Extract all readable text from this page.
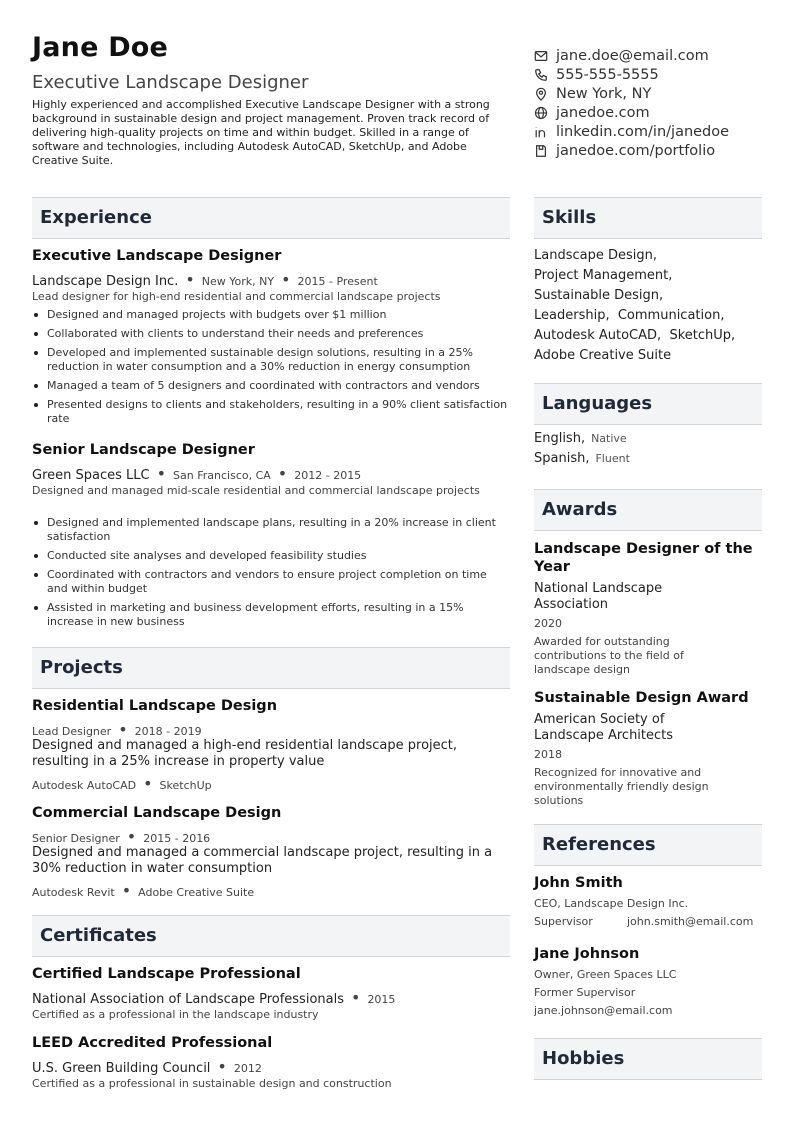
Jane Doe
Executive Landscape Designer
Highly experienced and accomplished Executive Landscape Designer with a strong background in sustainable design and project management. Proven track record of delivering high-quality projects on time and within budget. Skilled in a range of software and technologies, including Autodesk AutoCAD, SketchUp, and Adobe Creative Suite.
jane.doe@email.com
555-555-5555
New York, NY
janedoe.com
linkedin.com/in/janedoe
janedoe.com/portfolio
Experience
Executive Landscape Designer
Landscape Design Inc. • New York, NY • 2015 - Present
Lead designer for high-end residential and commercial landscape projects
Designed and managed projects with budgets over $1 million
Collaborated with clients to understand their needs and preferences
Developed and implemented sustainable design solutions, resulting in a 25% reduction in water consumption and a 30% reduction in energy consumption
Managed a team of 5 designers and coordinated with contractors and vendors
Presented designs to clients and stakeholders, resulting in a 90% client satisfaction rate
Senior Landscape Designer
Green Spaces LLC • San Francisco, CA • 2012 - 2015
Designed and managed mid-scale residential and commercial landscape projects
Designed and implemented landscape plans, resulting in a 20% increase in client satisfaction
Conducted site analyses and developed feasibility studies
Coordinated with contractors and vendors to ensure project completion on time and within budget
Assisted in marketing and business development efforts, resulting in a 15% increase in new business
Projects
Residential Landscape Design
Lead Designer • 2018 - 2019
Designed and managed a high-end residential landscape project, resulting in a 25% increase in property value
Autodesk AutoCAD • SketchUp
Commercial Landscape Design
Senior Designer • 2015 - 2016
Designed and managed a commercial landscape project, resulting in a 30% reduction in water consumption
Autodesk Revit • Adobe Creative Suite
Certificates
Certified Landscape Professional
National Association of Landscape Professionals • 2015
Certified as a professional in the landscape industry
LEED Accredited Professional
U.S. Green Building Council • 2012
Certified as a professional in sustainable design and construction
Skills
Landscape Design,
Project Management,
Sustainable Design,
Leadership, Communication,
Autodesk AutoCAD, SketchUp,
Adobe Creative Suite
Languages
English, Native
Spanish, Fluent
Awards
Landscape Designer of the Year
National Landscape Association
2020
Awarded for outstanding contributions to the field of landscape design
Sustainable Design Award
American Society of Landscape Architects
2018
Recognized for innovative and environmentally friendly design solutions
References
John Smith
CEO, Landscape Design Inc.
Supervisor	john.smith@email.com
Jane Johnson
Owner, Green Spaces LLC
Former Supervisor
jane.johnson@email.com
Hobbies
